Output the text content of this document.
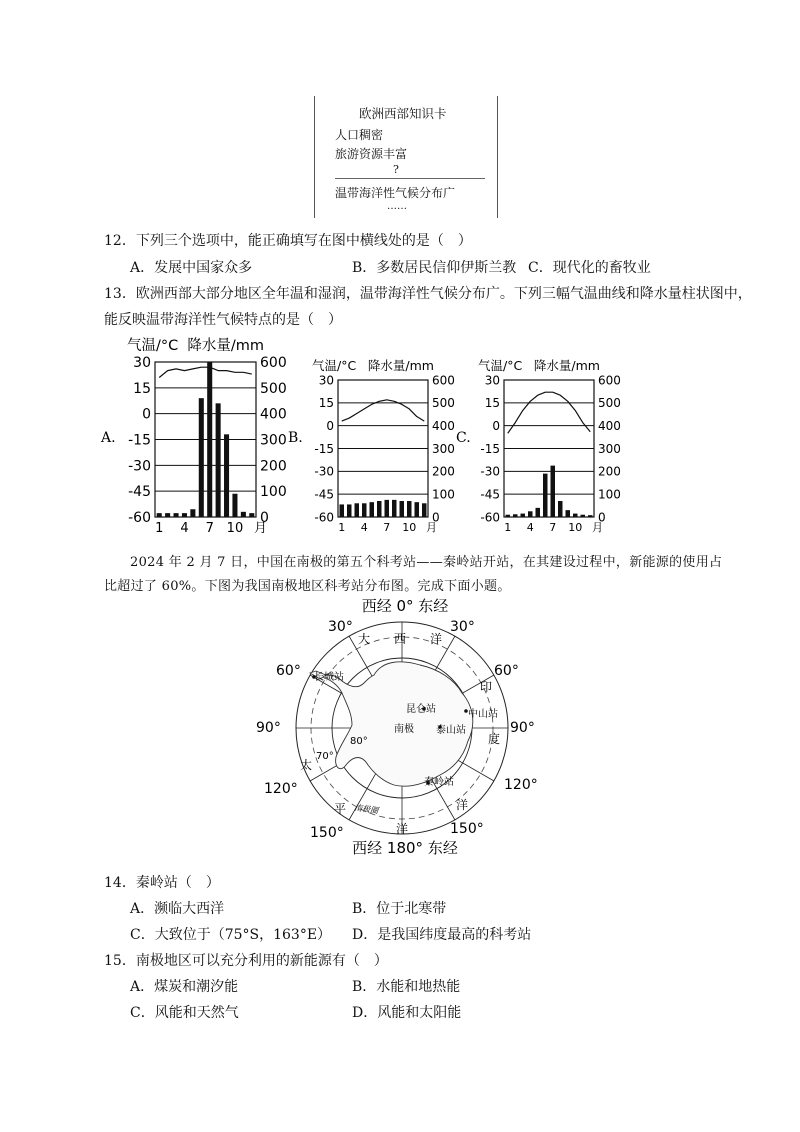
欧洲西部知识卡
人口稠密
旅游资源丰富
?
温带海洋性气候分布广
……
12．下列三个选项中，能正确填写在图中横线处的是（　）
A．发展中国家众多	B．多数居民信仰伊斯兰教 C．现代化的畜牧业
13．欧洲西部大部分地区全年温和湿润，温带海洋性气候分布广。下列三幅气温曲线和降水量柱状图中，
能反映温带海洋性气候特点的是（　）
30
15
0
-15
-30
-45
-60
600
500
400
300
200
100
0
气温/°C 降水量/mm
1 4 7 10 月
30
15
0
-15
-30
-45
-60
600
500
400
300
200
100
0
气温/°C 降水量/mm
1 4 7 10 月
30
15
0
-15
-30
-45
-60
600
500
400
300
200
100
0
气温/°C 降水量/mm
1 4 7 10 月
A.	B.	C.
2024 年 2 月 7 日，中国在南极的第五个科考站——秦岭站开站，在其建设过程中，新能源的使用占
比超过了 60%。下图为我国南极地区科考站分布图。完成下面小题。
西经 0° 东经
西经 180° 东经
30°	30°
60°	60°
90°	90°
120°	120°
150°	150°
大 西 洋
印
度
洋
太
平
洋
长城站
昆仑站	中山站
泰山站
秦岭站
南极
80°
70°
南极圈
14．秦岭站（　）
A．濒临大西洋	B．位于北寒带
C．大致位于（75°S，163°E） D．是我国纬度最高的科考站
15．南极地区可以充分利用的新能源有（　）
A．煤炭和潮汐能	B．水能和地热能
C．风能和天然气	D．风能和太阳能
